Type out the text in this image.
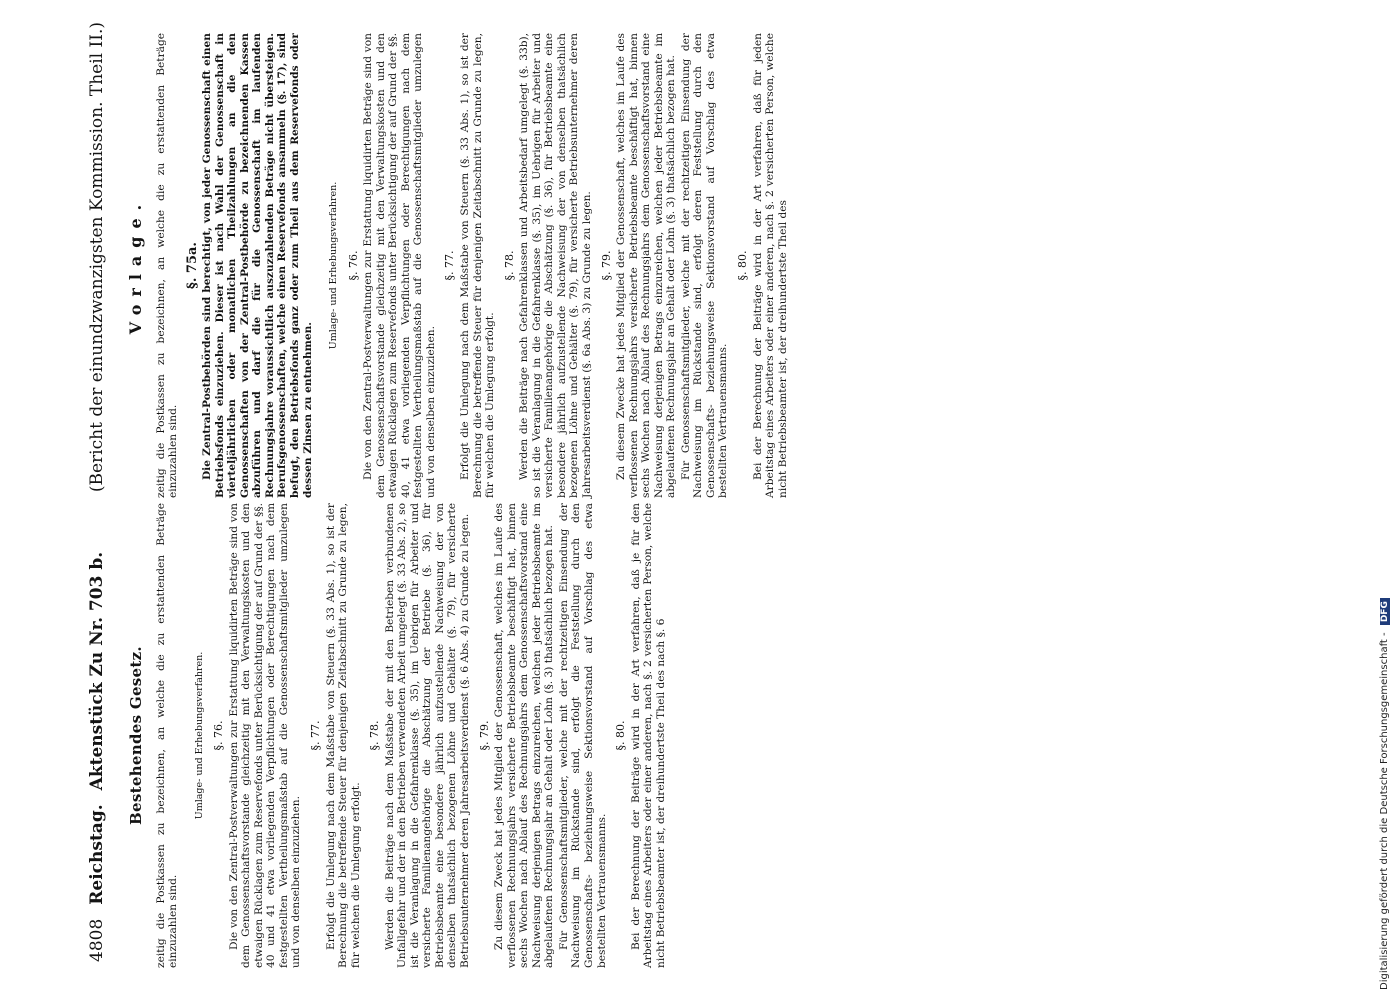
4808
Reichstag.
Aktenstück Zu Nr. 703 b.
(Bericht der einundzwanzigsten Kommission. Theil II.)
Bestehendes Gesetz. zeitig die Postkassen zu bezeichnen, an welche die zu erstattenden Beträge einzuzahlen sind.

Umlage- und Erhebungsverfahren. §. 76. Die von den Zentral-Postverwaltungen zur Erstattung liquidirten Beträge sind von dem Genossenschaftsvorstande gleichzeitig mit den Verwaltungskosten und den etwaigen Rücklagen zum Reservefonds unter Berücksichtigung der auf Grund der §§. 40 und 41 etwa vorliegenden Verpflichtungen oder Berechtigungen nach dem festgestellten Vertheilungsmaßstab auf die Genossenschaftsmitglieder umzulegen und von denselben einzuziehen.

§. 77. Erfolgt die Umlegung nach dem Maßstabe von Steuern (§. 33 Abs. 1), so ist der Berechnung die betreffende Steuer für denjenigen Zeitabschnitt zu Grunde zu legen, für welchen die Umlegung erfolgt.

§. 78. Werden die Beiträge nach dem Maßstabe der mit den Betrieben verbundenen Unfallgefahr und der in den Betrieben verwendeten Arbeit umgelegt (§. 33 Abs. 2), so ist die Veranlagung in die Gefahrenklasse (§. 35), im Uebrigen für Arbeiter und versicherte Familienangehörige die Abschätzung der Betriebe (§. 36), für Betriebsbeamte eine besondere jährlich aufzustellende Nachweisung der von denselben thatsächlich bezogenen Löhne und Gehälter (§. 79), für versicherte Betriebsunternehmer deren Jahresarbeitsverdienst (§. 6 Abs. 4) zu Grunde zu legen. §. 79. Zu diesem Zweck hat jedes Mitglied der Genossenschaft, welches im Laufe des verflossenen Rechnungsjahrs versicherte Betriebsbeamte beschäftigt hat, binnen sechs Wochen nach Ablauf des Rechnungsjahrs dem Genossenschaftsvorstand eine Nachweisung derjenigen Betrags einzureichen, welchen jeder Betriebsbeamte im abgelaufenen Rechnungsjahr an Gehalt oder Lohn (§. 3) thatsächlich bezogen hat. Für Genossenschaftsmitglieder, welche mit der rechtzeitigen Einsendung der Nachweisung im Rückstande sind, erfolgt die Feststellung durch den Genossenschafts- beziehungsweise Sektionsvorstand auf Vorschlag des etwa bestellten Vertrauensmanns.

§. 80. Bei der Berechnung der Beiträge wird in der Art verfahren, daß je für den Arbeitstag eines Arbeiters oder einer anderen, nach §. 2 versicherten Person, welche nicht Betriebsbeamter ist, der dreihundertste Theil des nach §. 6

Vorlage. zeitig die Postkassen zu bezeichnen, an welche die zu erstattenden Beträge einzuzahlen sind.

§. 75a. Die Zentral-Postbehörden sind berechtigt, von jeder Genossenschaft einen Betriebsfonds einzuziehen. Dieser ist nach Wahl der Genossenschaft in vierteljährlichen oder monatlichen Theilzahlungen an die den Genossenschaften von der Zentral-Postbehörde zu bezeichnenden Kassen abzuführen und darf die für die Genossenschaft im laufenden Rechnungsjahre voraussichtlich auszuzahlenden Beträge nicht übersteigen. Berufsgenossenschaften, welche einen Reservefonds ansammeln (§. 17), sind befugt, den Betriebsfonds ganz oder zum Theil aus dem Reservefonds oder dessen Zinsen zu entnehmen.

Umlage- und Erhebungsverfahren. §. 76. Die von den Zentral-Postverwaltungen zur Erstattung liquidirten Beträge sind von dem Genossenschaftsvorstande gleichzeitig mit den Verwaltungskosten und den etwaigen Rücklagen zum Reservefonds unter Berücksichtigung der auf Grund der §§. 40, 41 etwa vorliegenden Verpflichtungen oder Berechtigungen nach dem festgestellten Vertheilungsmaßstab auf die Genossenschaftsmitglieder umzulegen und von denselben einzuziehen.

§. 77. Erfolgt die Umlegung nach dem Maßstabe von Steuern (§. 33 Abs. 1), so ist der Berechnung die betreffende Steuer für denjenigen Zeitabschnitt zu Grunde zu legen, für welchen die Umlegung erfolgt.

§. 78. Werden die Beiträge nach Gefahrenklassen und Arbeitsbedarf umgelegt (§. 33b), so ist die Veranlagung in die Gefahrenklasse (§. 35), im Uebrigen für Arbeiter und versicherte Familienangehörige die Abschätzung (§. 36), für Betriebsbeamte eine besondere jährlich aufzustellende Nachweisung der von denselben thatsächlich bezogenen Löhne und Gehälter (§. 79), für versicherte Betriebsunternehmer deren Jahresarbeitsverdienst (§. 6a Abs. 3) zu Grunde zu legen. §. 79. Zu diesem Zwecke hat jedes Mitglied der Genossenschaft, welches im Laufe des verflossenen Rechnungsjahrs versicherte Betriebsbeamte beschäftigt hat, binnen sechs Wochen nach Ablauf des Rechnungsjahrs dem Genossenschaftsvorstand eine Nachweisung derjenigen Betrags einzureichen, welchen jeder Betriebsbeamte im abgelaufenen Rechnungsjahr an Gehalt oder Lohn (§. 3) thatsächlich bezogen hat. Für Genossenschaftsmitglieder, welche mit der rechtzeitigen Einsendung der Nachweisung im Rückstande sind, erfolgt deren Feststellung durch den Genossenschafts- beziehungsweise Sektionsvorstand auf Vorschlag des etwa bestellten Vertrauensmanns.

§. 80. Bei der Berechnung der Beiträge wird in der Art verfahren, daß für jeden Arbeitstag eines Arbeiters oder einer anderen, nach §. 2 versicherten Person, welche nicht Betriebsbeamter ist, der dreihundertste Theil des

Digitalisierung gefördert durch die Deutsche Forschungsgemeinschaft - DFG
